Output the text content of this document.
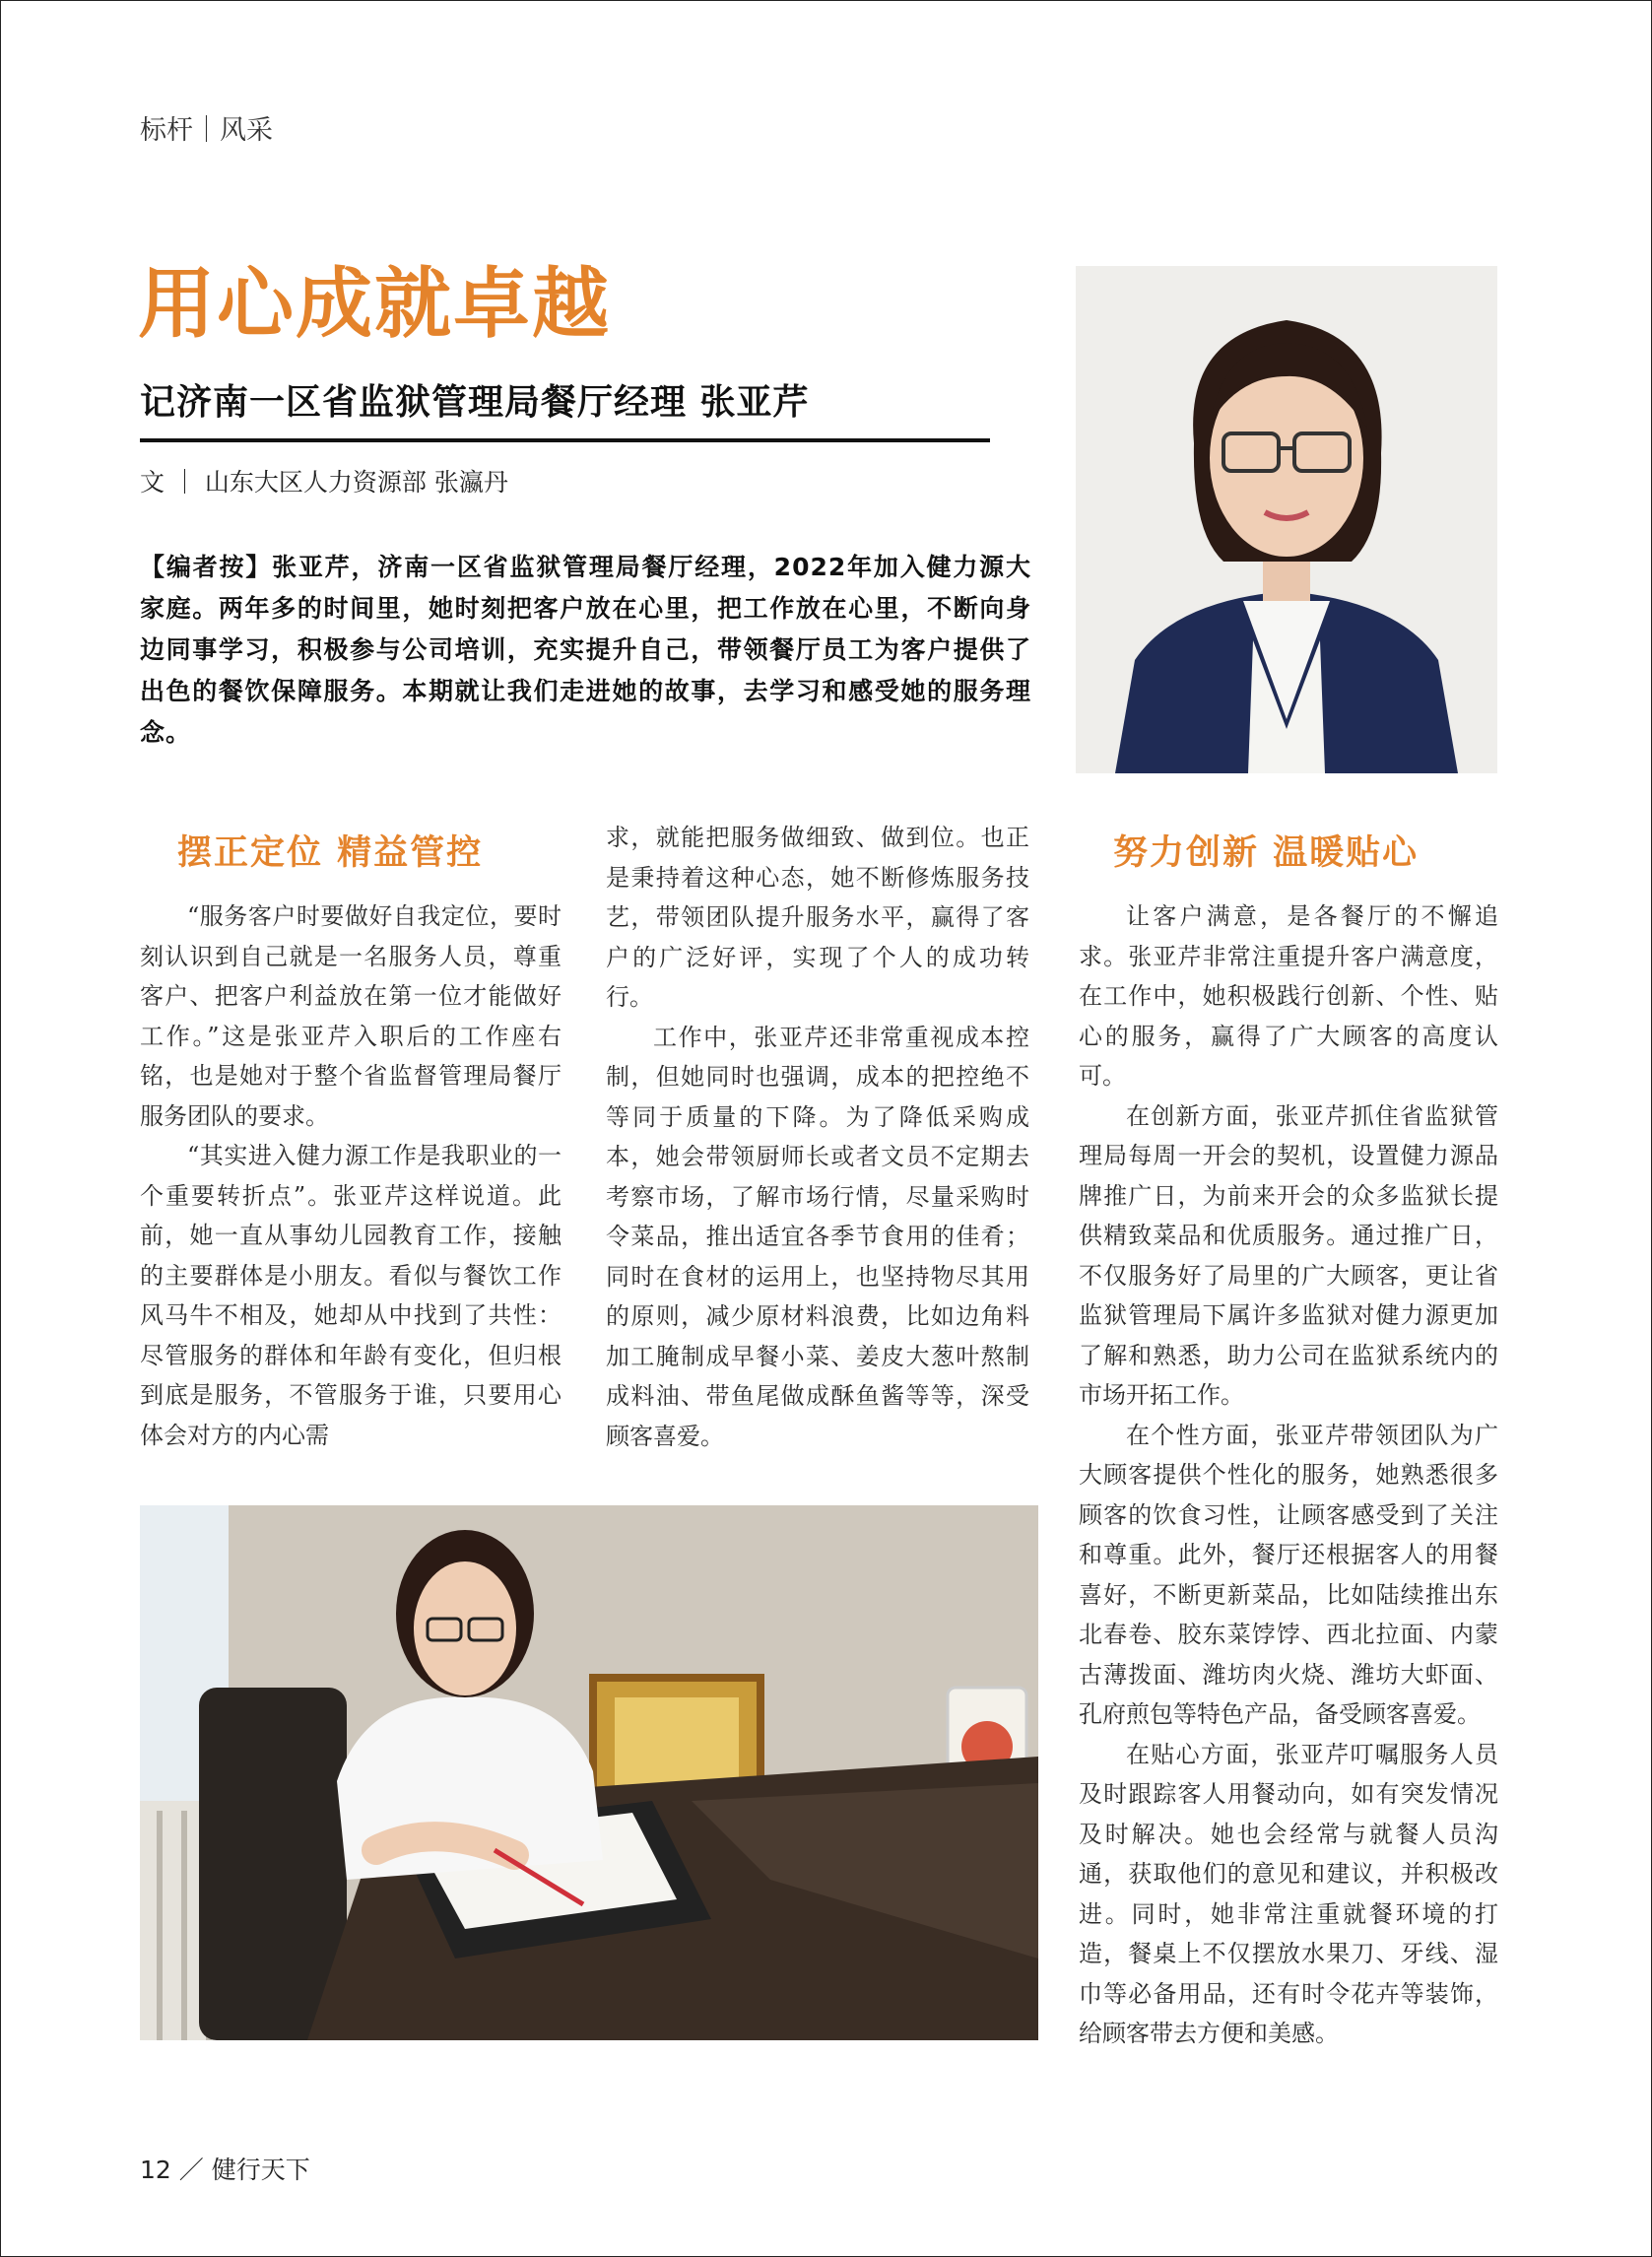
标杆｜风采
用心成就卓越
记济南一区省监狱管理局餐厅经理 张亚芹
文 ｜ 山东大区人力资源部 张瀛丹
【编者按】张亚芹，济南一区省监狱管理局餐厅经理，2022年加入健力源大家庭。两年多的时间里，她时刻把客户放在心里，把工作放在心里，不断向身边同事学习，积极参与公司培训，充实提升自己，带领餐厅员工为客户提供了出色的餐饮保障服务。本期就让我们走进她的故事，去学习和感受她的服务理念。
摆正定位 精益管控

“服务客户时要做好自我定位，要时刻认识到自己就是一名服务人员，尊重客户、把客户利益放在第一位才能做好工作。”这是张亚芹入职后的工作座右铭，也是她对于整个省监督管理局餐厅服务团队的要求。

“其实进入健力源工作是我职业的一个重要转折点”。张亚芹这样说道。此前，她一直从事幼儿园教育工作，接触的主要群体是小朋友。看似与餐饮工作风马牛不相及，她却从中找到了共性：尽管服务的群体和年龄有变化，但归根到底是服务，不管服务于谁，只要用心体会对方的内心需

求，就能把服务做细致、做到位。也正是秉持着这种心态，她不断修炼服务技艺，带领团队提升服务水平，赢得了客户的广泛好评，实现了个人的成功转行。

工作中，张亚芹还非常重视成本控制，但她同时也强调，成本的把控绝不等同于质量的下降。为了降低采购成本，她会带领厨师长或者文员不定期去考察市场，了解市场行情，尽量采购时令菜品，推出适宜各季节食用的佳肴；同时在食材的运用上，也坚持物尽其用的原则，减少原材料浪费，比如边角料加工腌制成早餐小菜、姜皮大葱叶熬制成料油、带鱼尾做成酥鱼酱等等，深受顾客喜爱。

努力创新 温暖贴心

让客户满意，是各餐厅的不懈追求。张亚芹非常注重提升客户满意度，在工作中，她积极践行创新、个性、贴心的服务，赢得了广大顾客的高度认可。

在创新方面，张亚芹抓住省监狱管理局每周一开会的契机，设置健力源品牌推广日，为前来开会的众多监狱长提供精致菜品和优质服务。通过推广日，不仅服务好了局里的广大顾客，更让省监狱管理局下属许多监狱对健力源更加了解和熟悉，助力公司在监狱系统内的市场开拓工作。

在个性方面，张亚芹带领团队为广大顾客提供个性化的服务，她熟悉很多顾客的饮食习性，让顾客感受到了关注和尊重。此外，餐厅还根据客人的用餐喜好，不断更新菜品，比如陆续推出东北春卷、胶东菜饽饽、西北拉面、内蒙古薄拨面、潍坊肉火烧、潍坊大虾面、孔府煎包等特色产品，备受顾客喜爱。

在贴心方面，张亚芹叮嘱服务人员及时跟踪客人用餐动向，如有突发情况及时解决。她也会经常与就餐人员沟通，获取他们的意见和建议，并积极改进。同时，她非常注重就餐环境的打造，餐桌上不仅摆放水果刀、牙线、湿巾等必备用品，还有时令花卉等装饰，给顾客带去方便和美感。

12 ／ 健行天下
